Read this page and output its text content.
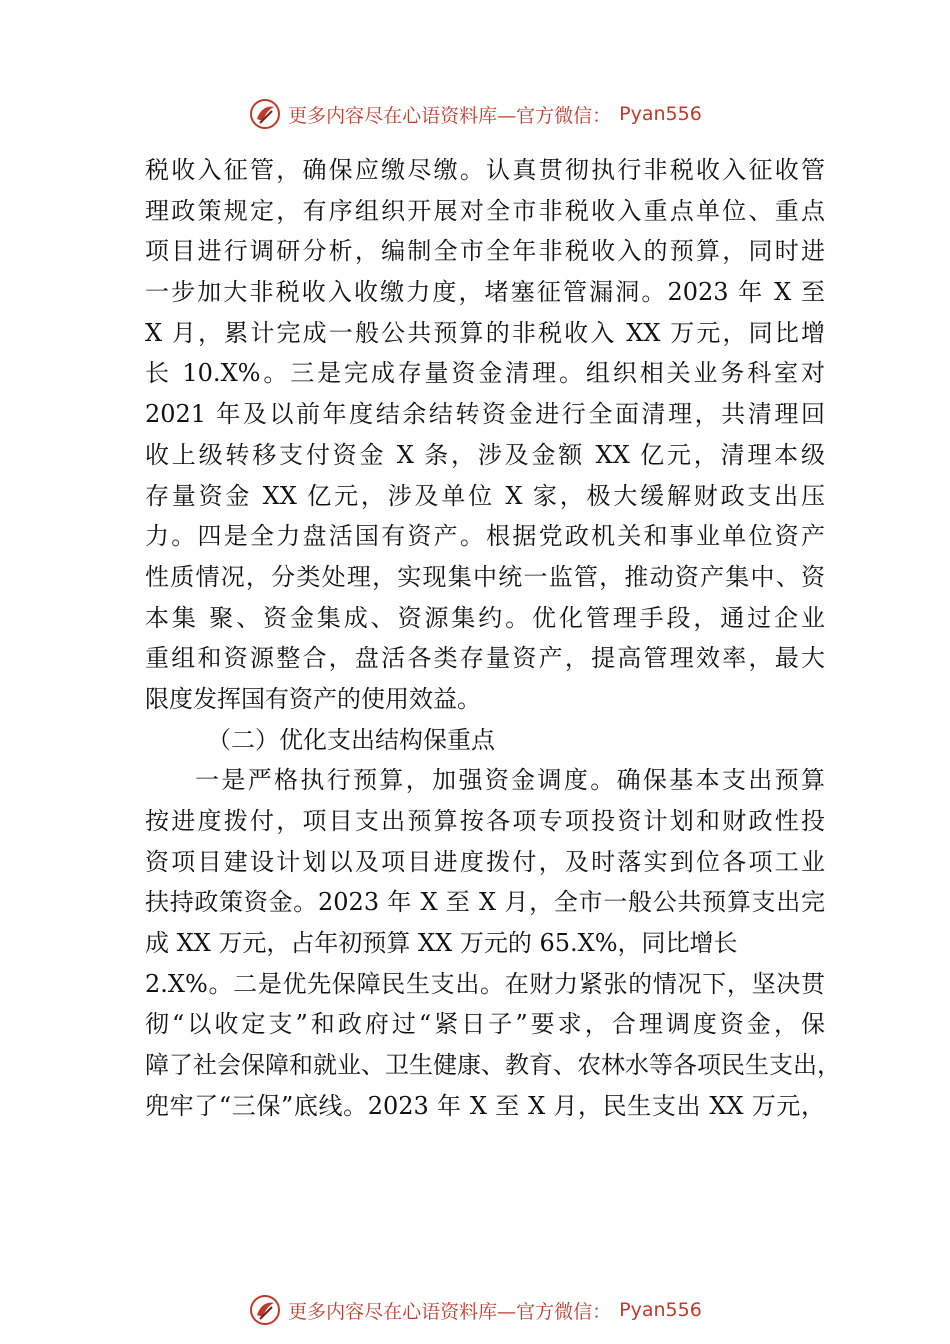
更多内容尽在心语资料库—官方微信： Pyan556
税收入征管，确保应缴尽缴。认真贯彻执行非税收入征收管
理政策规定，有序组织开展对全市非税收入重点单位、重点
项目进行调研分析，编制全市全年非税收入的预算，同时进
一步加大非税收入收缴力度，堵塞征管漏洞。2023 年 X 至
X 月，累计完成一般公共预算的非税收入 XX 万元，同比增
长 10.X%。三是完成存量资金清理。组织相关业务科室对
2021 年及以前年度结余结转资金进行全面清理，共清理回
收上级转移支付资金 X 条，涉及金额 XX 亿元，清理本级
存量资金 XX 亿元，涉及单位 X 家，极大缓解财政支出压
力。四是全力盘活国有资产。根据党政机关和事业单位资产
性质情况，分类处理，实现集中统一监管，推动资产集中、资
本集 聚、资金集成、资源集约。优化管理手段，通过企业
重组和资源整合，盘活各类存量资产，提高管理效率，最大
限度发挥国有资产的使用效益。
（二）优化支出结构保重点
一是严格执行预算，加强资金调度。确保基本支出预算
按进度拨付，项目支出预算按各项专项投资计划和财政性投
资项目建设计划以及项目进度拨付，及时落实到位各项工业
扶持政策资金。2023 年 X 至 X 月，全市一般公共预算支出完
成 XX 万元，占年初预算 XX 万元的 65.X%，同比增长
2.X%。二是优先保障民生支出。在财力紧张的情况下，坚决贯
彻“以收定支”和政府过“紧日子”要求，合理调度资金，保
障了社会保障和就业、卫生健康、教育、农林水等各项民生支出，
兜牢了“三保”底线。2023 年 X 至 X 月，民生支出 XX 万元，
更多内容尽在心语资料库—官方微信： Pyan556
